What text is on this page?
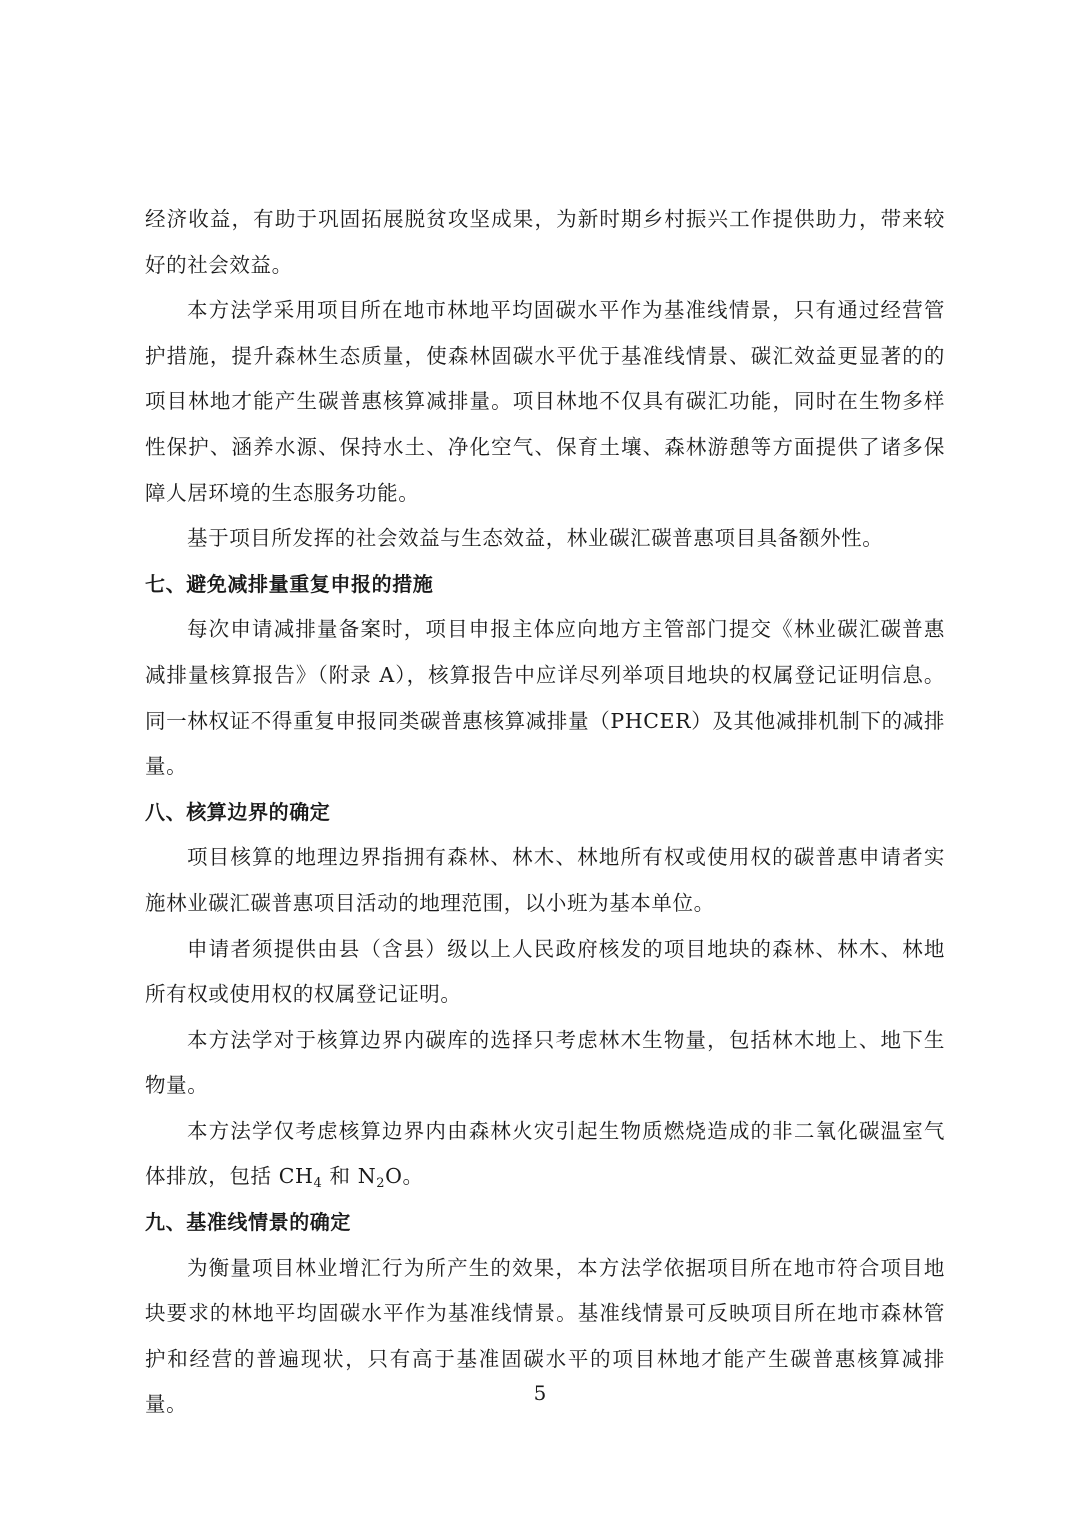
经济收益，有助于巩固拓展脱贫攻坚成果，为新时期乡村振兴工作提供助力，带来较好的社会效益。

本方法学采用项目所在地市林地平均固碳水平作为基准线情景，只有通过经营管护措施，提升森林生态质量，使森林固碳水平优于基准线情景、碳汇效益更显著的的项目林地才能产生碳普惠核算减排量。项目林地不仅具有碳汇功能，同时在生物多样性保护、涵养水源、保持水土、净化空气、保育土壤、森林游憩等方面提供了诸多保障人居环境的生态服务功能。

基于项目所发挥的社会效益与生态效益，林业碳汇碳普惠项目具备额外性。

七、避免减排量重复申报的措施

每次申请减排量备案时，项目申报主体应向地方主管部门提交《林业碳汇碳普惠减排量核算报告》（附录 A），核算报告中应详尽列举项目地块的权属登记证明信息。同一林权证不得重复申报同类碳普惠核算减排量（PHCER）及其他减排机制下的减排量。

八、核算边界的确定

项目核算的地理边界指拥有森林、林木、林地所有权或使用权的碳普惠申请者实施林业碳汇碳普惠项目活动的地理范围，以小班为基本单位。

申请者须提供由县（含县）级以上人民政府核发的项目地块的森林、林木、林地所有权或使用权的权属登记证明。

本方法学对于核算边界内碳库的选择只考虑林木生物量，包括林木地上、地下生物量。

本方法学仅考虑核算边界内由森林火灾引起生物质燃烧造成的非二氧化碳温室气体排放，包括 $CH_4$ 和 $N_2O$。

九、基准线情景的确定

为衡量项目林业增汇行为所产生的效果，本方法学依据项目所在地市符合项目地块要求的林地平均固碳水平作为基准线情景。基准线情景可反映项目所在地市森林管护和经营的普遍现状，只有高于基准固碳水平的项目林地才能产生碳普惠核算减排量。	5
